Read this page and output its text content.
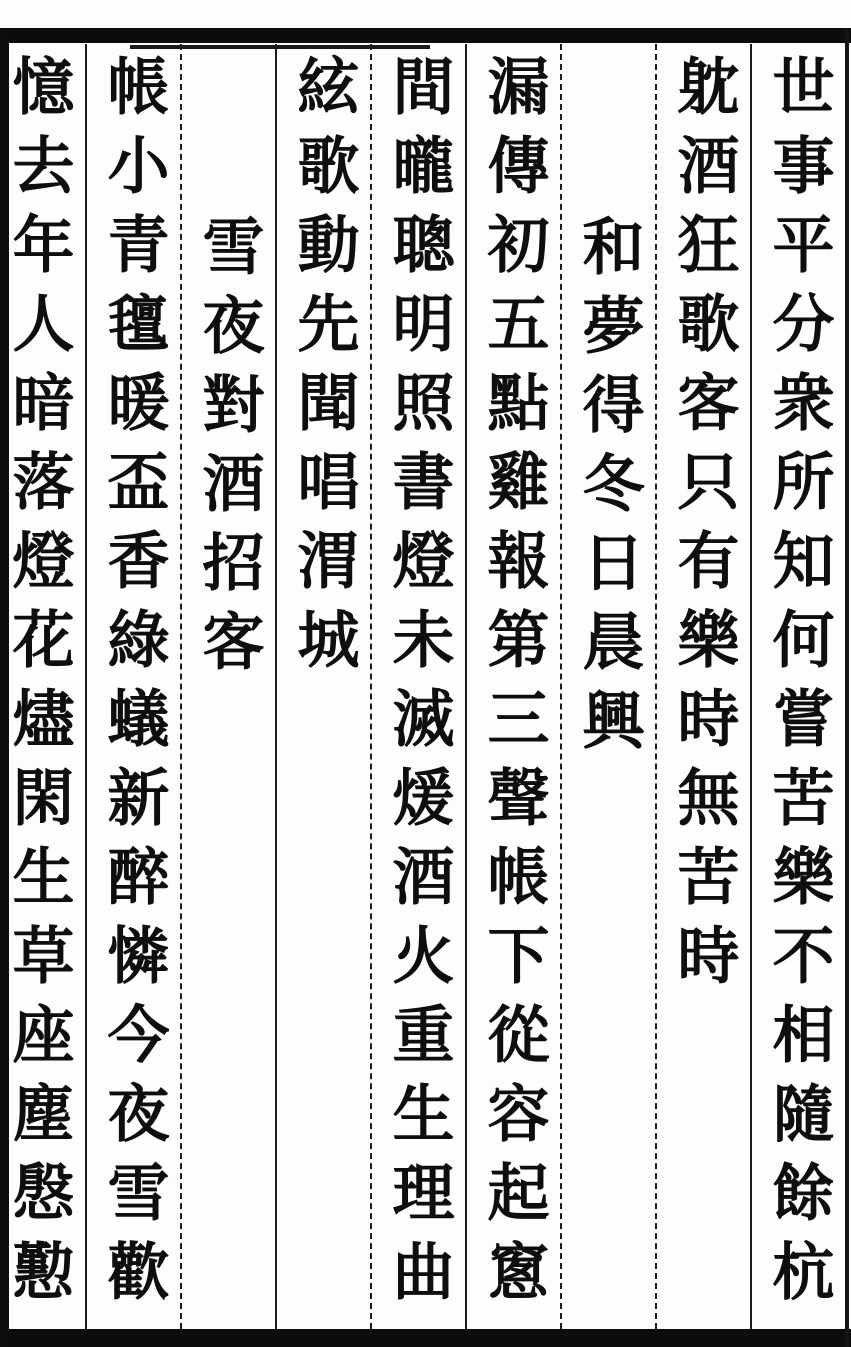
世事平分衆所知何嘗苦樂不相隨餘杭
躭酒狂歌客只有樂時無苦時
和夢得冬日晨興
漏傳初五點雞報第三聲帳下從容起窻
間曨聰明照書燈未滅煖酒火重生理曲
絃歌動先聞唱渭城
雪夜對酒招客
帳小青氊暖盃香綠蟻新醉憐今夜雪歡
憶去年人暗落燈花燼閑生草座塵慇懃
